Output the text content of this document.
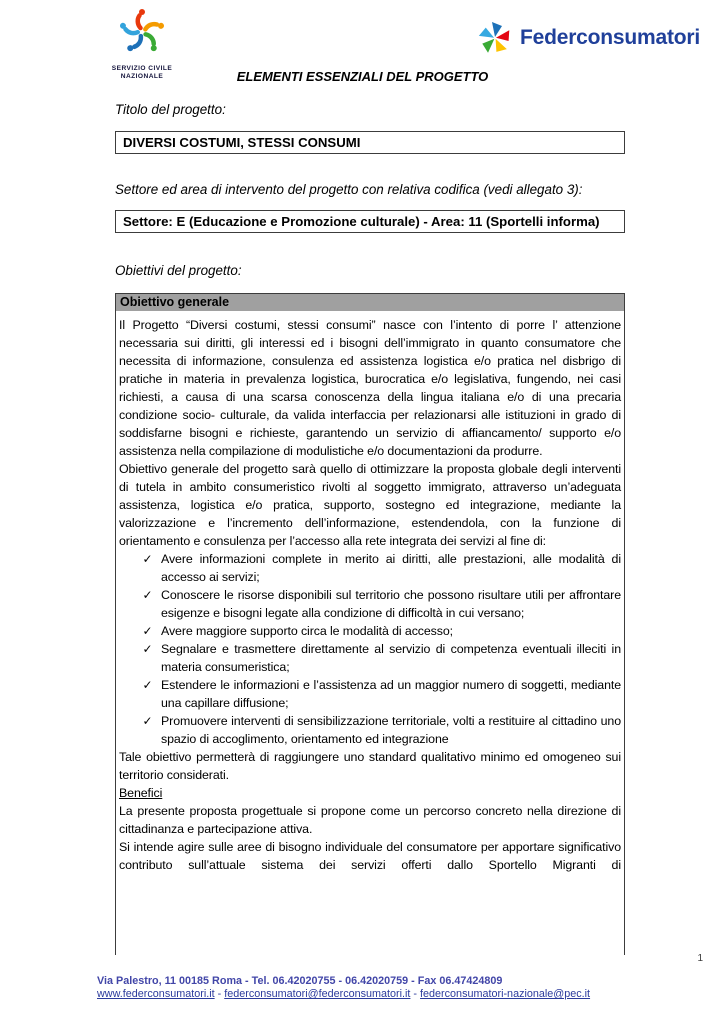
SERVIZIO CIVILE
NAZIONALE
Federconsumatori
ELEMENTI ESSENZIALI DEL PROGETTO

Titolo del progetto:

DIVERSI COSTUMI, STESSI CONSUMI

Settore ed area di intervento del progetto con relativa codifica (vedi allegato 3):

Settore: E (Educazione e Promozione culturale) - Area: 11 (Sportelli informa)

Obiettivi del progetto:

Obiettivo generale

Il Progetto “Diversi costumi, stessi consumi” nasce con l’intento di porre l’ attenzione necessaria sui diritti, gli interessi ed i bisogni dell’immigrato in quanto consumatore che necessita di informazione, consulenza ed assistenza logistica e/o pratica nel disbrigo di pratiche in materia in prevalenza logistica, burocratica e/o legislativa, fungendo, nei casi richiesti, a causa di una scarsa conoscenza della lingua italiana e/o di una precaria condizione socio- culturale, da valida interfaccia per relazionarsi alle istituzioni in grado di soddisfarne bisogni e richieste, garantendo un servizio di affiancamento/ supporto e/o assistenza nella compilazione di modulistiche e/o documentazioni da produrre.

Obiettivo generale del progetto sarà quello di ottimizzare la proposta globale degli interventi di tutela in ambito consumeristico rivolti al soggetto immigrato, attraverso un’adeguata assistenza, logistica e/o pratica, supporto, sostegno ed integrazione, mediante la valorizzazione e l’incremento dell’informazione, estendendola, con la funzione di orientamento e consulenza per l’accesso alla rete integrata dei servizi al fine di:

✓ Avere informazioni complete in merito ai diritti, alle prestazioni, alle modalità di accesso ai servizi;
✓ Conoscere le risorse disponibili sul territorio che possono risultare utili per affrontare esigenze e bisogni legate alla condizione di difficoltà in cui versano;
✓ Avere maggiore supporto circa le modalità di accesso;
✓ Segnalare e trasmettere direttamente al servizio di competenza eventuali illeciti in materia consumeristica;
✓ Estendere le informazioni e l’assistenza ad un maggior numero di soggetti, mediante una capillare diffusione;
✓ Promuovere interventi di sensibilizzazione territoriale, volti a restituire al cittadino uno spazio di accoglimento, orientamento ed integrazione

Tale obiettivo permetterà di raggiungere uno standard qualitativo minimo ed omogeneo sui territorio considerati.

Benefici

La presente proposta progettuale si propone come un percorso concreto nella direzione di cittadinanza e partecipazione attiva.

Si intende agire sulle aree di bisogno individuale del consumatore per apportare significativo contributo sull’attuale sistema dei servizi offerti dallo Sportello Migranti di

1
Via Palestro, 11 00185 Roma - Tel. 06.42020755 - 06.42020759 - Fax 06.47424809
www.federconsumatori.it - federconsumatori@federconsumatori.it - federconsumatori-nazionale@pec.it
